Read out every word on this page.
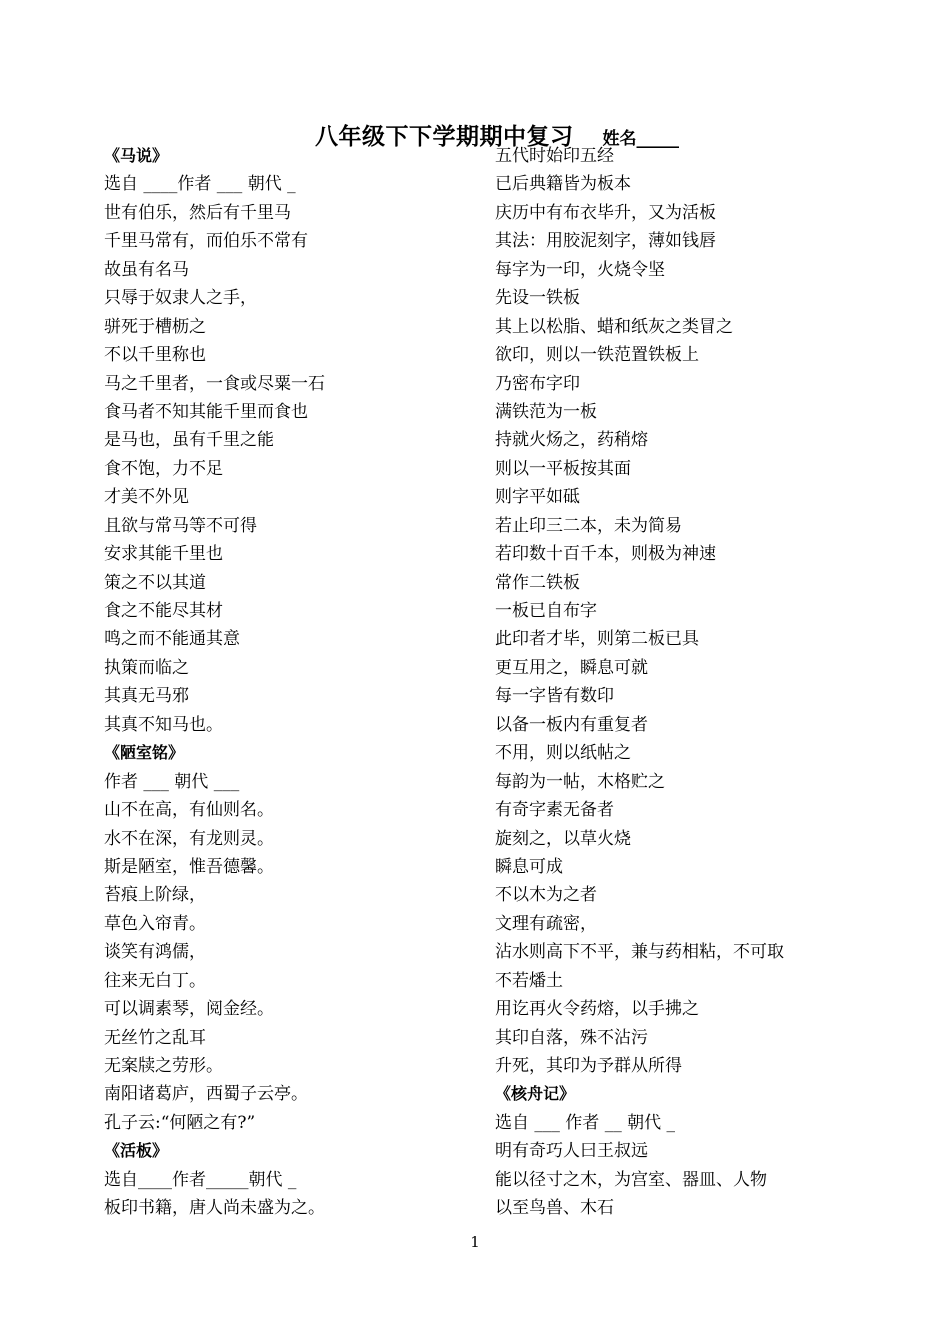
八年级下下学期期中复习 姓名_____
《马说》
选自 ____作者 ___ 朝代 _
世有伯乐，然后有千里马
千里马常有，而伯乐不常有
故虽有名马
只辱于奴隶人之手，
骈死于槽枥之
不以千里称也
马之千里者，一食或尽粟一石
食马者不知其能千里而食也
是马也，虽有千里之能
食不饱，力不足
才美不外见
且欲与常马等不可得
安求其能千里也
策之不以其道
食之不能尽其材
鸣之而不能通其意
执策而临之
其真无马邪
其真不知马也。
《陋室铭》
作者 ___ 朝代 ___
山不在高，有仙则名。
水不在深，有龙则灵。
斯是陋室，惟吾德馨。
苔痕上阶绿，
草色入帘青。
谈笑有鸿儒，
往来无白丁。
可以调素琴，阅金经。
无丝竹之乱耳
无案牍之劳形。
南阳诸葛庐，西蜀子云亭。
孔子云:“何陋之有?”
《活板》
选自____作者_____朝代 _
板印书籍，唐人尚未盛为之。
五代时始印五经
已后典籍皆为板本
庆历中有布衣毕升，又为活板
其法：用胶泥刻字，薄如钱唇
每字为一印，火烧令坚
先设一铁板
其上以松脂、蜡和纸灰之类冒之
欲印，则以一铁范置铁板上
乃密布字印
满铁范为一板
持就火炀之，药稍熔
则以一平板按其面
则字平如砥
若止印三二本，未为简易
若印数十百千本，则极为神速
常作二铁板
一板已自布字
此印者才毕，则第二板已具
更互用之，瞬息可就
每一字皆有数印
以备一板内有重复者
不用，则以纸帖之
每韵为一帖，木格贮之
有奇字素无备者
旋刻之，以草火烧
瞬息可成
不以木为之者
文理有疏密，
沾水则高下不平，兼与药相粘，不可取
不若燔土
用讫再火令药熔，以手拂之
其印自落，殊不沾污
升死，其印为予群从所得
《核舟记》
选自 ___ 作者 __ 朝代 _
明有奇巧人曰王叔远
能以径寸之木，为宫室、器皿、人物
以至鸟兽、木石
1
